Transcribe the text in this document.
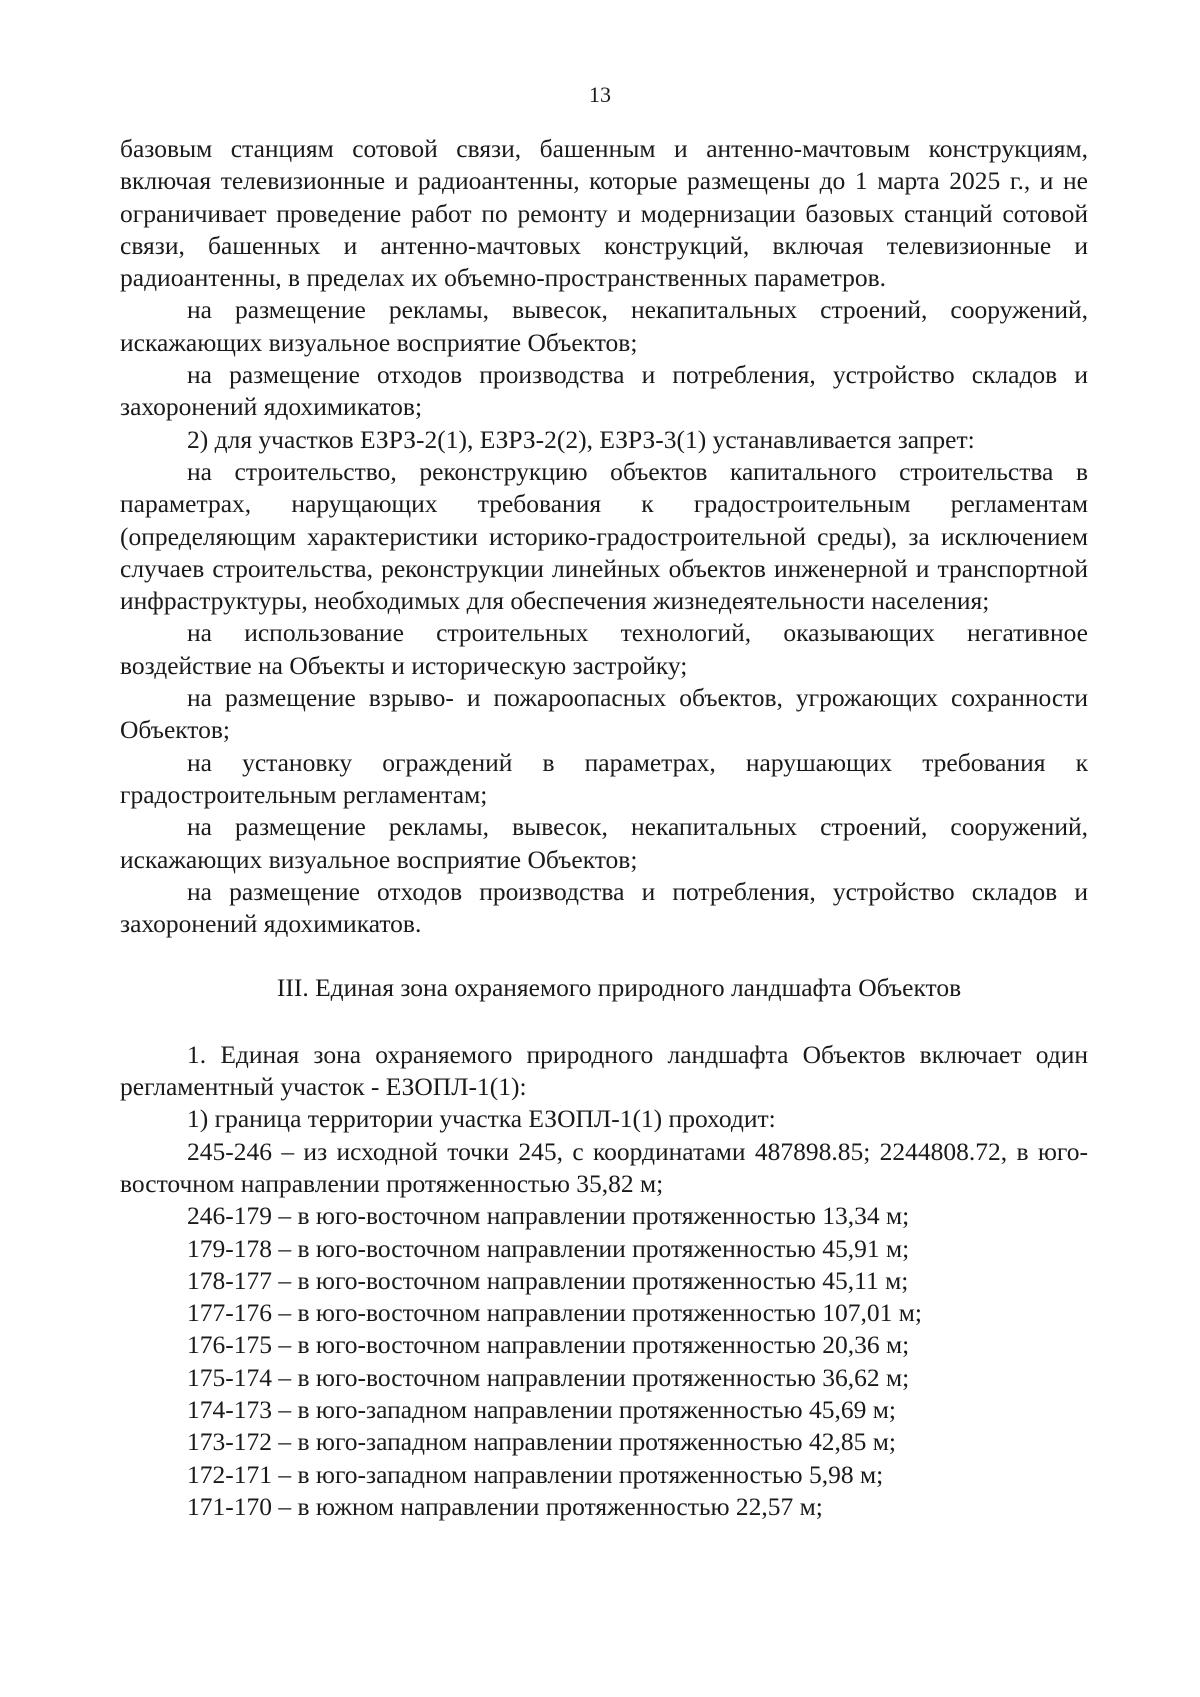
13

базовым станциям сотовой связи, башенным и антенно-мачтовым конструкциям, включая телевизионные и радиоантенны, которые размещены до 1 марта 2025 г., и не ограничивает проведение работ по ремонту и модернизации базовых станций сотовой связи, башенных и антенно-мачтовых конструкций, включая телевизионные и радиоантенны, в пределах их объемно-пространственных параметров.

на размещение рекламы, вывесок, некапитальных строений, сооружений, искажающих визуальное восприятие Объектов;

на размещение отходов производства и потребления, устройство складов и захоронений ядохимикатов;

2) для участков ЕЗРЗ-2(1), ЕЗРЗ-2(2), ЕЗРЗ-3(1) устанавливается запрет:

на строительство, реконструкцию объектов капитального строительства в параметрах, нарущающих требования к градостроительным регламентам (определяющим характеристики историко-градостроительной среды), за исключением случаев строительства, реконструкции линейных объектов инженерной и транспортной инфраструктуры, необходимых для обеспечения жизнедеятельности населения;

на использование строительных технологий, оказывающих негативное воздействие на Объекты и историческую застройку;

на размещение взрыво- и пожароопасных объектов, угрожающих сохранности Объектов;

на установку ограждений в параметрах, нарушающих требования к градостроительным регламентам;

на размещение рекламы, вывесок, некапитальных строений, сооружений, искажающих визуальное восприятие Объектов;

на размещение отходов производства и потребления, устройство складов и захоронений ядохимикатов.

III. Единая зона охраняемого природного ландшафта Объектов

1. Единая зона охраняемого природного ландшафта Объектов включает один регламентный участок - ЕЗОПЛ-1(1):

1) граница территории участка ЕЗОПЛ-1(1) проходит:

245-246 – из исходной точки 245, с координатами 487898.85; 2244808.72, в юго- восточном направлении протяженностью 35,82 м;

246-179 – в юго-восточном направлении протяженностью 13,34 м;

179-178 – в юго-восточном направлении протяженностью 45,91 м;

178-177 – в юго-восточном направлении протяженностью 45,11 м;

177-176 – в юго-восточном направлении протяженностью 107,01 м;

176-175 – в юго-восточном направлении протяженностью 20,36 м;

175-174 – в юго-восточном направлении протяженностью 36,62 м;

174-173 – в юго-западном направлении протяженностью 45,69 м;

173-172 – в юго-западном направлении протяженностью 42,85 м;

172-171 – в юго-западном направлении протяженностью 5,98 м;

171-170 – в южном направлении протяженностью 22,57 м;
